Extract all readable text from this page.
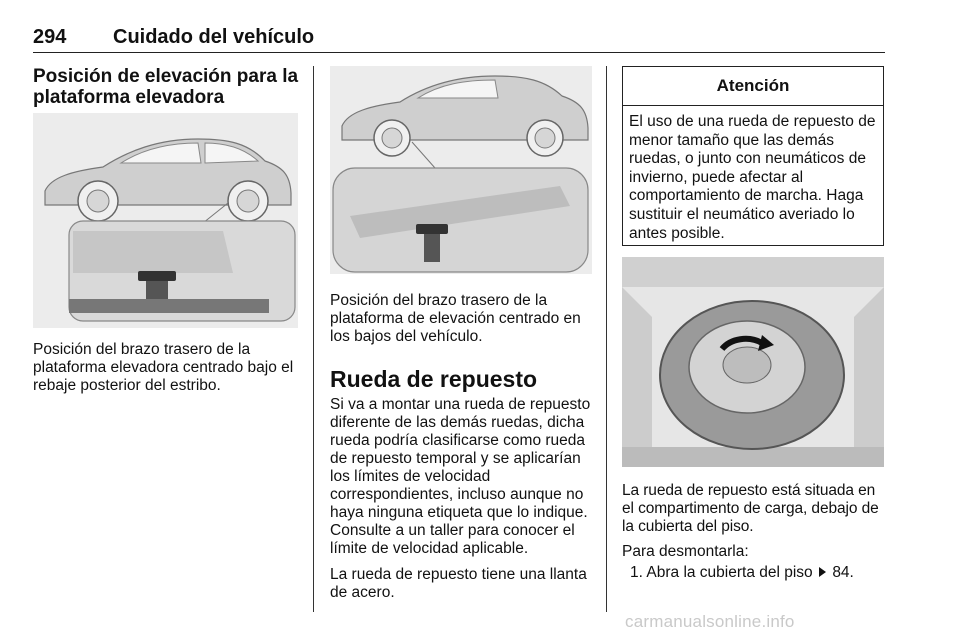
294 Cuidado del vehículo
Posición de elevación para la plataforma elevadora
Posición del brazo trasero de la plataforma elevadora centrado bajo el rebaje posterior del estribo.
Posición del brazo trasero de la plataforma de elevación centrado en los bajos del vehículo.
Rueda de repuesto
Si va a montar una rueda de repuesto diferente de las demás ruedas, dicha rueda podría clasificarse como rueda de repuesto temporal y se aplicarían los límites de velocidad correspondientes, incluso aunque no haya ninguna etiqueta que lo indique. Consulte a un taller para conocer el límite de velocidad aplicable.
La rueda de repuesto tiene una llanta de acero.
Atención
El uso de una rueda de repuesto de menor tamaño que las demás ruedas, o junto con neumáticos de invierno, puede afectar al comportamiento de marcha. Haga sustituir el neumático averiado lo antes posible.
La rueda de repuesto está situada en el compartimento de carga, debajo de la cubierta del piso.
Para desmontarla:
1. Abra la cubierta del piso 84.
carmanualsonline.info
